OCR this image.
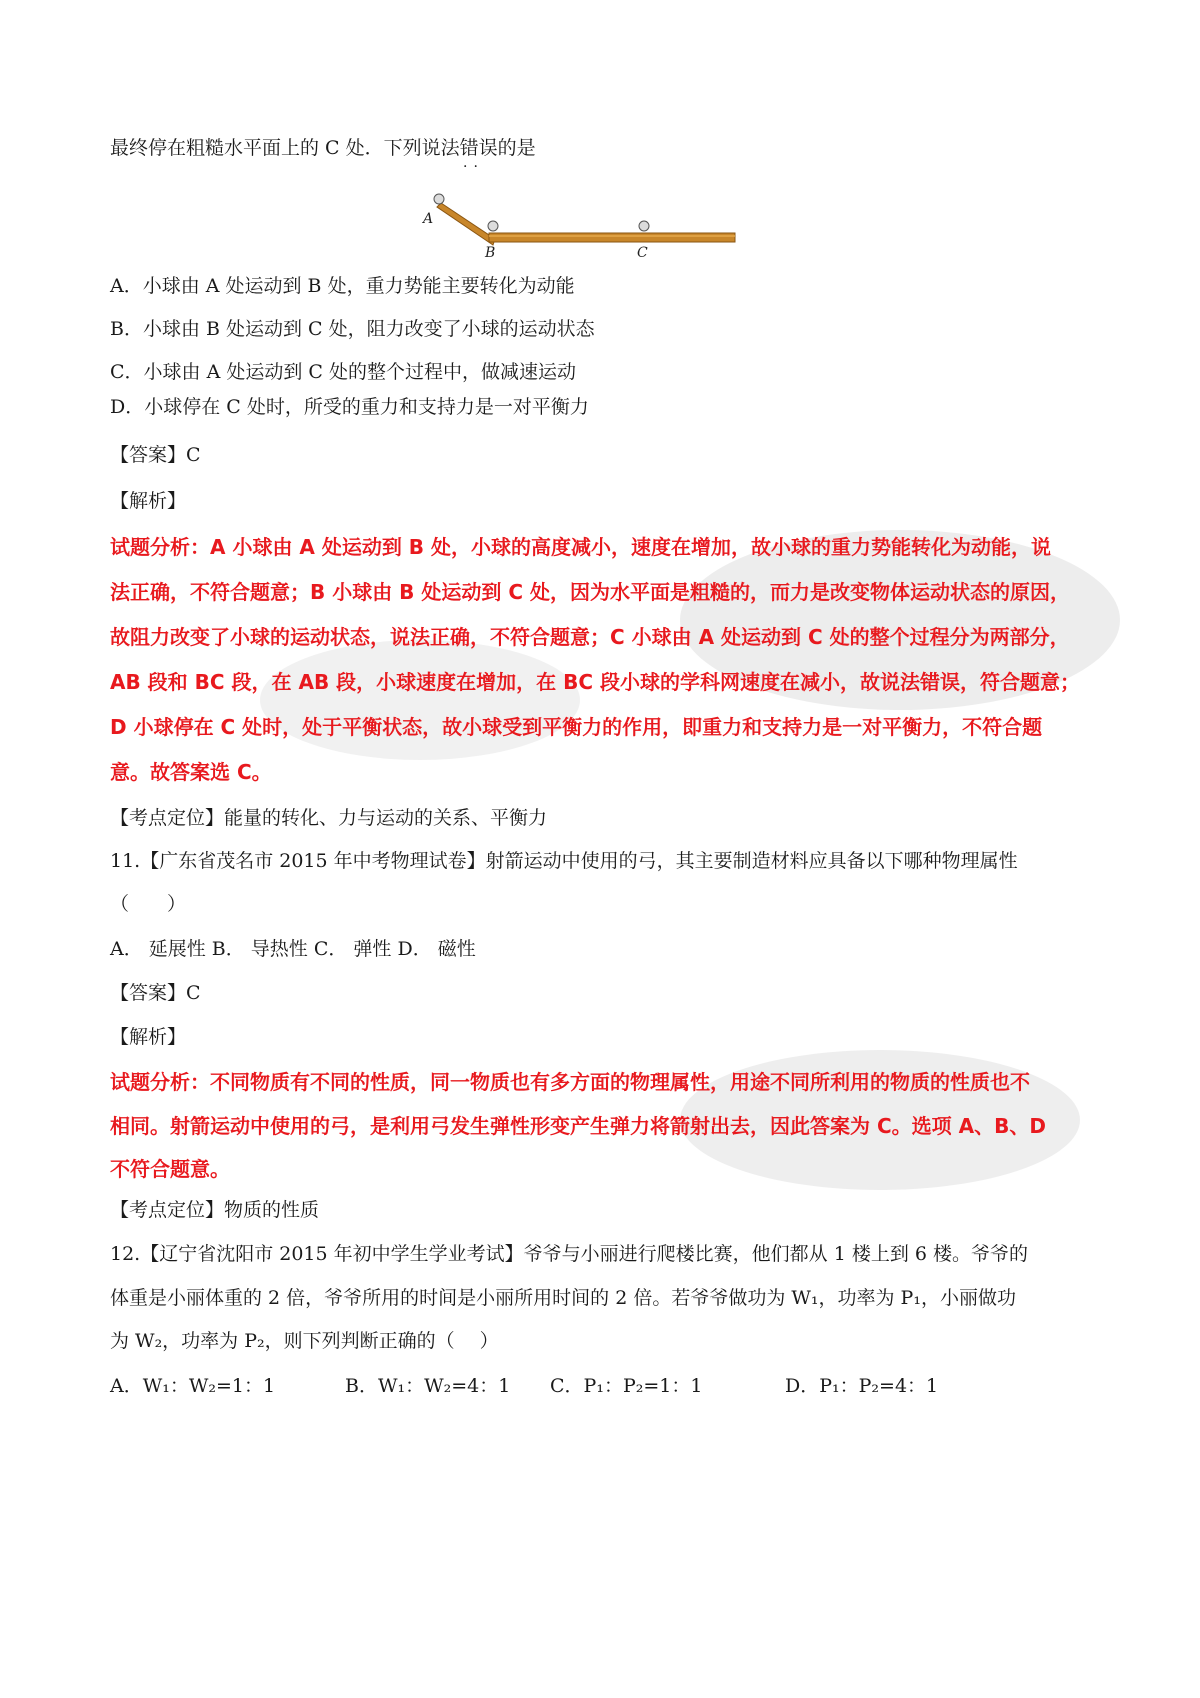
最终停在粗糙水平面上的 C 处．下列说法错误的是
··
A
B	C
A．小球由 A 处运动到 B 处，重力势能主要转化为动能
B．小球由 B 处运动到 C 处，阻力改变了小球的运动状态
C．小球由 A 处运动到 C 处的整个过程中，做减速运动
D．小球停在 C 处时，所受的重力和支持力是一对平衡力
【答案】C
【解析】
试题分析：A 小球由 A 处运动到 B 处，小球的高度减小，速度在增加，故小球的重力势能转化为动能，说
法正确，不符合题意；B 小球由 B 处运动到 C 处，因为水平面是粗糙的，而力是改变物体运动状态的原因，
故阻力改变了小球的运动状态，说法正确，不符合题意；C 小球由 A 处运动到 C 处的整个过程分为两部分，
AB 段和 BC 段，在 AB 段，小球速度在增加，在 BC 段小球的学科网速度在减小，故说法错误，符合题意；
D 小球停在 C 处时，处于平衡状态，故小球受到平衡力的作用，即重力和支持力是一对平衡力，不符合题
意。故答案选 C。
【考点定位】能量的转化、力与运动的关系、平衡力
11.【广东省茂名市 2015 年中考物理试卷】射箭运动中使用的弓，其主要制造材料应具备以下哪种物理属性
（　　）
A． 延展性 B． 导热性 C． 弹性 D． 磁性
【答案】C
【解析】
试题分析：不同物质有不同的性质，同一物质也有多方面的物理属性，用途不同所利用的物质的性质也不
相同。射箭运动中使用的弓，是利用弓发生弹性形变产生弹力将箭射出去，因此答案为 C。选项 A、B、D
不符合题意。
【考点定位】物质的性质
12.【辽宁省沈阳市 2015 年初中学生学业考试】爷爷与小丽进行爬楼比赛，他们都从 1 楼上到 6 楼。爷爷的
体重是小丽体重的 2 倍，爷爷所用的时间是小丽所用时间的 2 倍。若爷爷做功为 W₁，功率为 P₁，小丽做功
为 W₂，功率为 P₂，则下列判断正确的（　 ）
A．W₁：W₂=1：1	B．W₁：W₂=4：1 C．P₁：P₂=1：1	D．P₁：P₂=4：1
